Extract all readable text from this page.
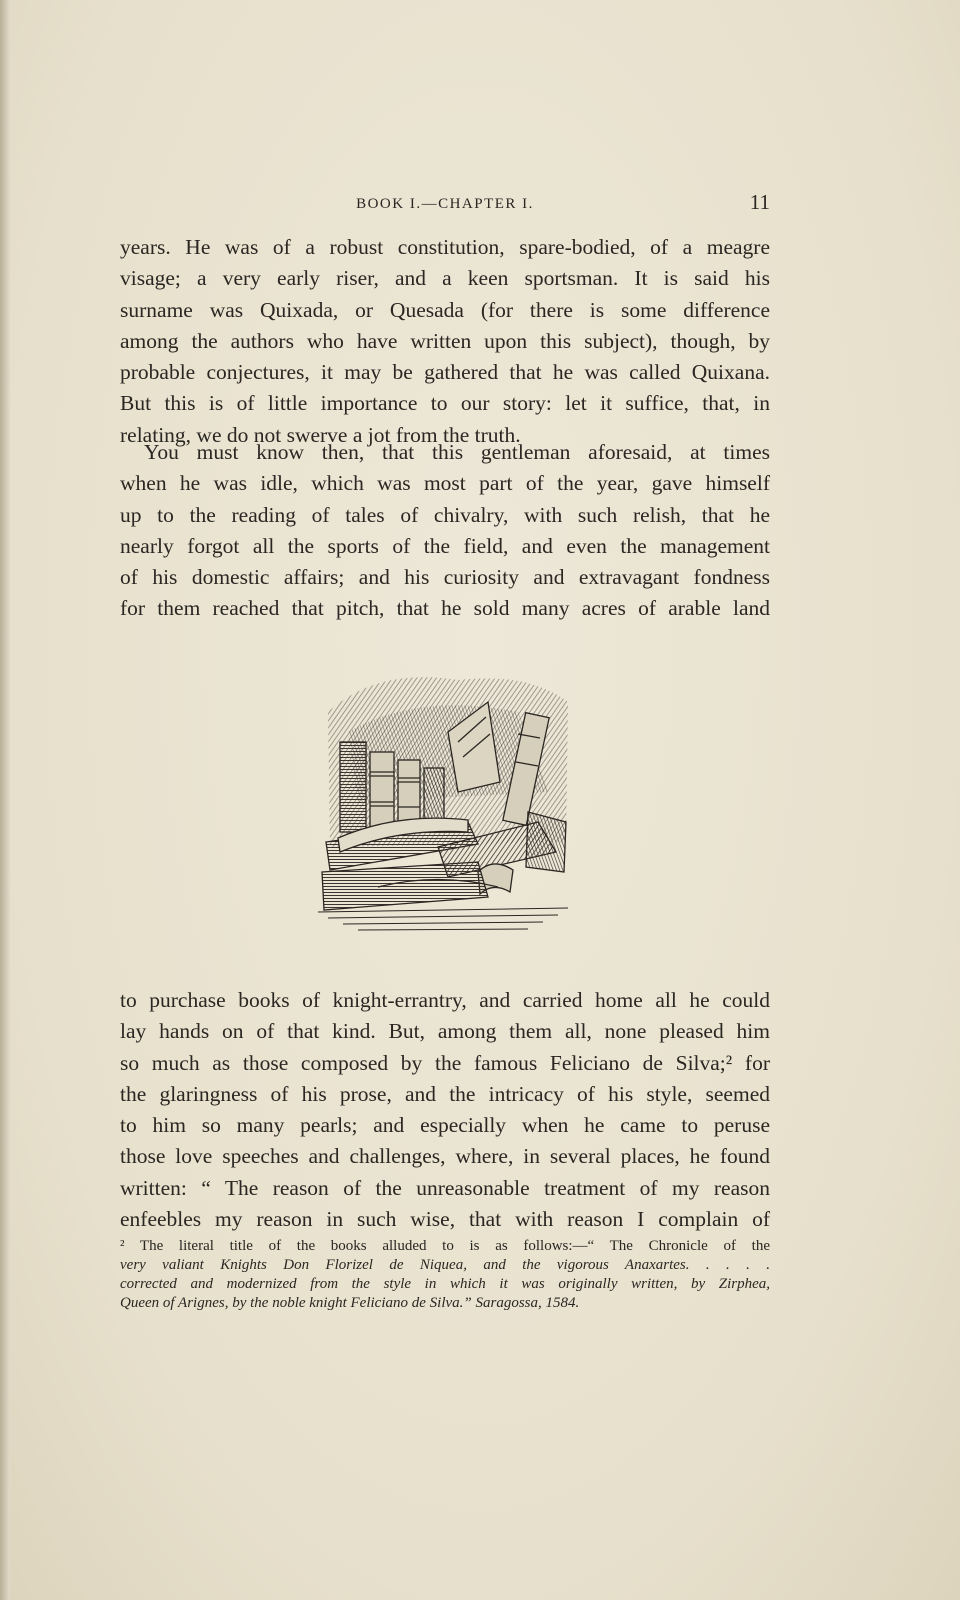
BOOK I.—CHAPTER I.	11
years. He was of a robust constitution, spare-bodied, of a meagre
visage; a very early riser, and a keen sportsman. It is said his
surname was Quixada, or Quesada (for there is some difference
among the authors who have written upon this subject), though, by
probable conjectures, it may be gathered that he was called Quixana.
But this is of little importance to our story: let it suffice, that, in
relating, we do not swerve a jot from the truth.
You must know then, that this gentleman aforesaid, at times
when he was idle, which was most part of the year, gave himself
up to the reading of tales of chivalry, with such relish, that he
nearly forgot all the sports of the field, and even the management
of his domestic affairs; and his curiosity and extravagant fondness
for them reached that pitch, that he sold many acres of arable land
to purchase books of knight-errantry, and carried home all he could
lay hands on of that kind. But, among them all, none pleased him
so much as those composed by the famous Feliciano de Silva;² for
the glaringness of his prose, and the intricacy of his style, seemed
to him so many pearls; and especially when he came to peruse
those love speeches and challenges, where, in several places, he found
written: “ The reason of the unreasonable treatment of my reason
enfeebles my reason in such wise, that with reason I complain of
² The literal title of the books alluded to is as follows:—“ The Chronicle of the
very valiant Knights Don Florizel de Niquea, and the vigorous Anaxartes. . . . .
corrected and modernized from the style in which it was originally written, by Zirphea,
Queen of Arignes, by the noble knight Feliciano de Silva.” Saragossa, 1584.
